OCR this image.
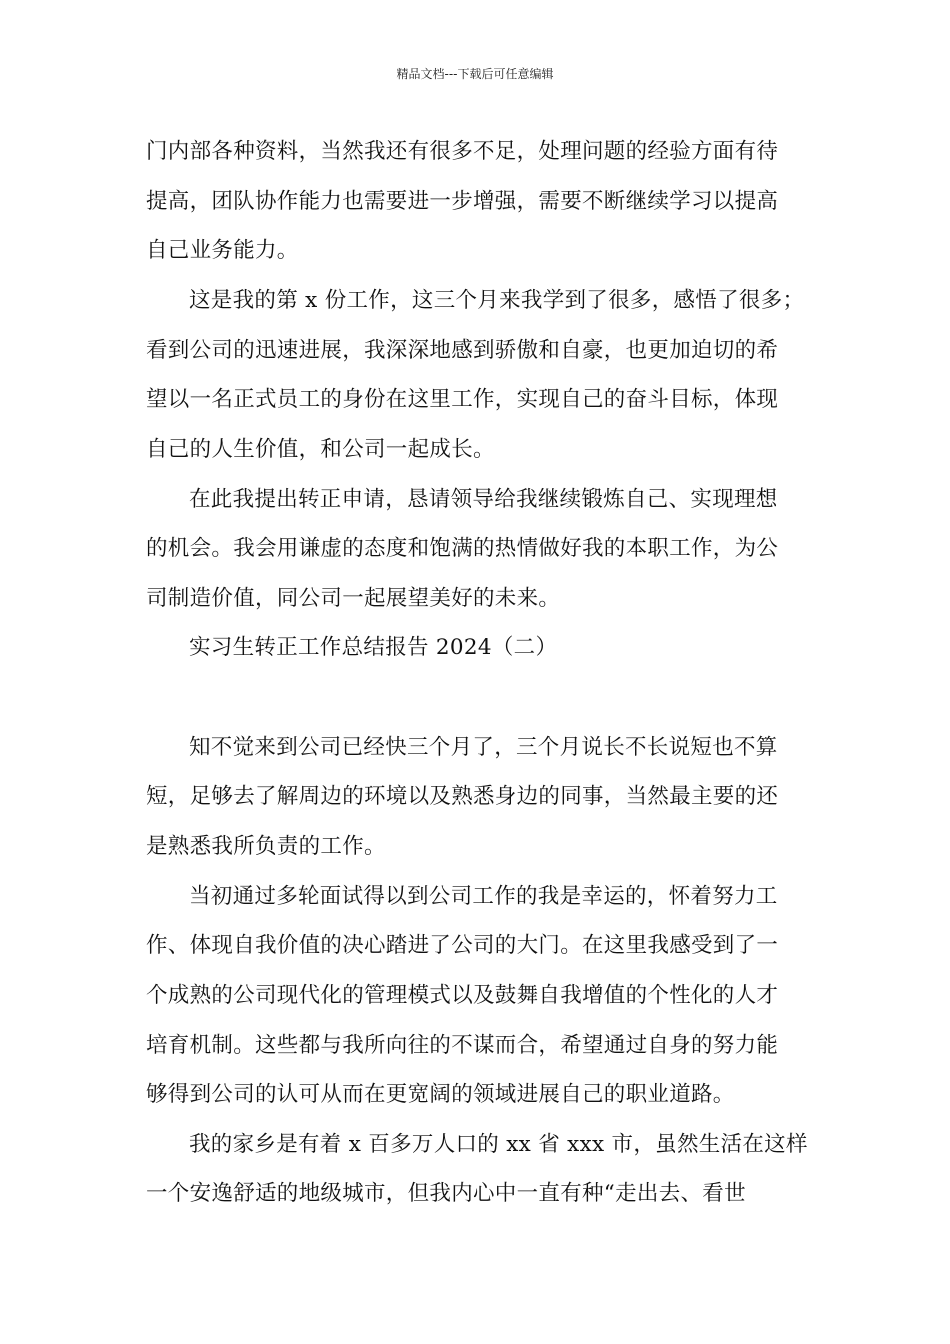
精品文档---下载后可任意编辑
门内部各种资料，当然我还有很多不足，处理问题的经验方面有待
提高，团队协作能力也需要进一步增强，需要不断继续学习以提高
自己业务能力。
这是我的第 x 份工作，这三个月来我学到了很多，感悟了很多；
看到公司的迅速进展，我深深地感到骄傲和自豪，也更加迫切的希
望以一名正式员工的身份在这里工作，实现自己的奋斗目标，体现
自己的人生价值，和公司一起成长。
在此我提出转正申请，恳请领导给我继续锻炼自己、实现理想
的机会。我会用谦虚的态度和饱满的热情做好我的本职工作，为公
司制造价值，同公司一起展望美好的未来。
实习生转正工作总结报告 2024（二）
知不觉来到公司已经快三个月了，三个月说长不长说短也不算
短，足够去了解周边的环境以及熟悉身边的同事，当然最主要的还
是熟悉我所负责的工作。
当初通过多轮面试得以到公司工作的我是幸运的，怀着努力工
作、体现自我价值的决心踏进了公司的大门。在这里我感受到了一
个成熟的公司现代化的管理模式以及鼓舞自我增值的个性化的人才
培育机制。这些都与我所向往的不谋而合，希望通过自身的努力能
够得到公司的认可从而在更宽阔的领域进展自己的职业道路。
我的家乡是有着 x 百多万人口的 xx 省 xxx 市，虽然生活在这样
一个安逸舒适的地级城市，但我内心中一直有种“走出去、看世
